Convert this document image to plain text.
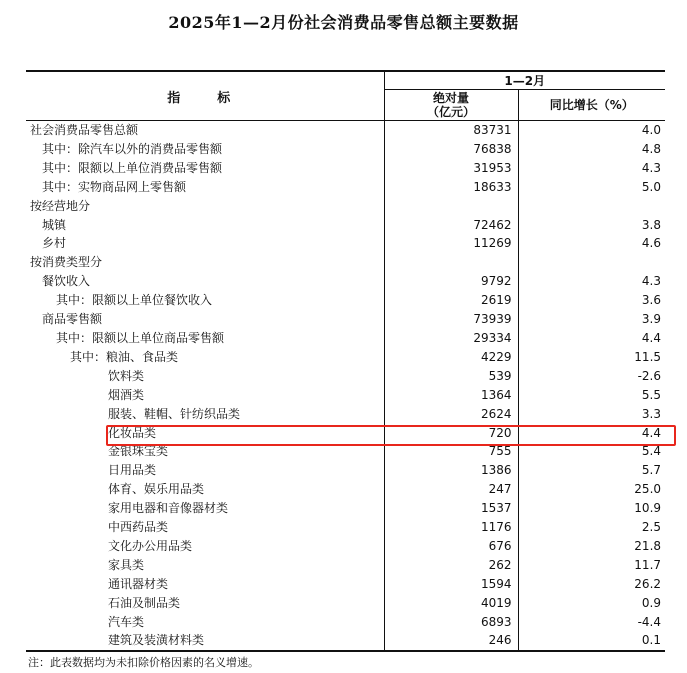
2025年1—2月份社会消费品零售总额主要数据
指　标	1—2月	

	绝对量
（亿元）	同比增长（%）
社会消费品零售总额	83731	4.0
其中：除汽车以外的消费品零售额	76838	4.8
其中：限额以上单位消费品零售额	31953	4.3
其中：实物商品网上零售额	18633	5.0
按经营地分		
城镇	72462	3.8
乡村	11269	4.6
按消费类型分		
餐饮收入	9792	4.3
其中：限额以上单位餐饮收入	2619	3.6
商品零售额	73939	3.9
其中：限额以上单位商品零售额	29334	4.4
其中：粮油、食品类	4229	11.5
饮料类	539	-2.6
烟酒类	1364	5.5
服装、鞋帽、针纺织品类	2624	3.3
化妆品类	720	4.4
金银珠宝类	755	5.4
日用品类	1386	5.7
体育、娱乐用品类	247	25.0
家用电器和音像器材类	1537	10.9
中西药品类	1176	2.5
文化办公用品类	676	21.8
家具类	262	11.7
通讯器材类	1594	26.2
石油及制品类	4019	0.9
汽车类	6893	-4.4
建筑及装潢材料类	246	0.1
注：此表数据均为未扣除价格因素的名义增速。
